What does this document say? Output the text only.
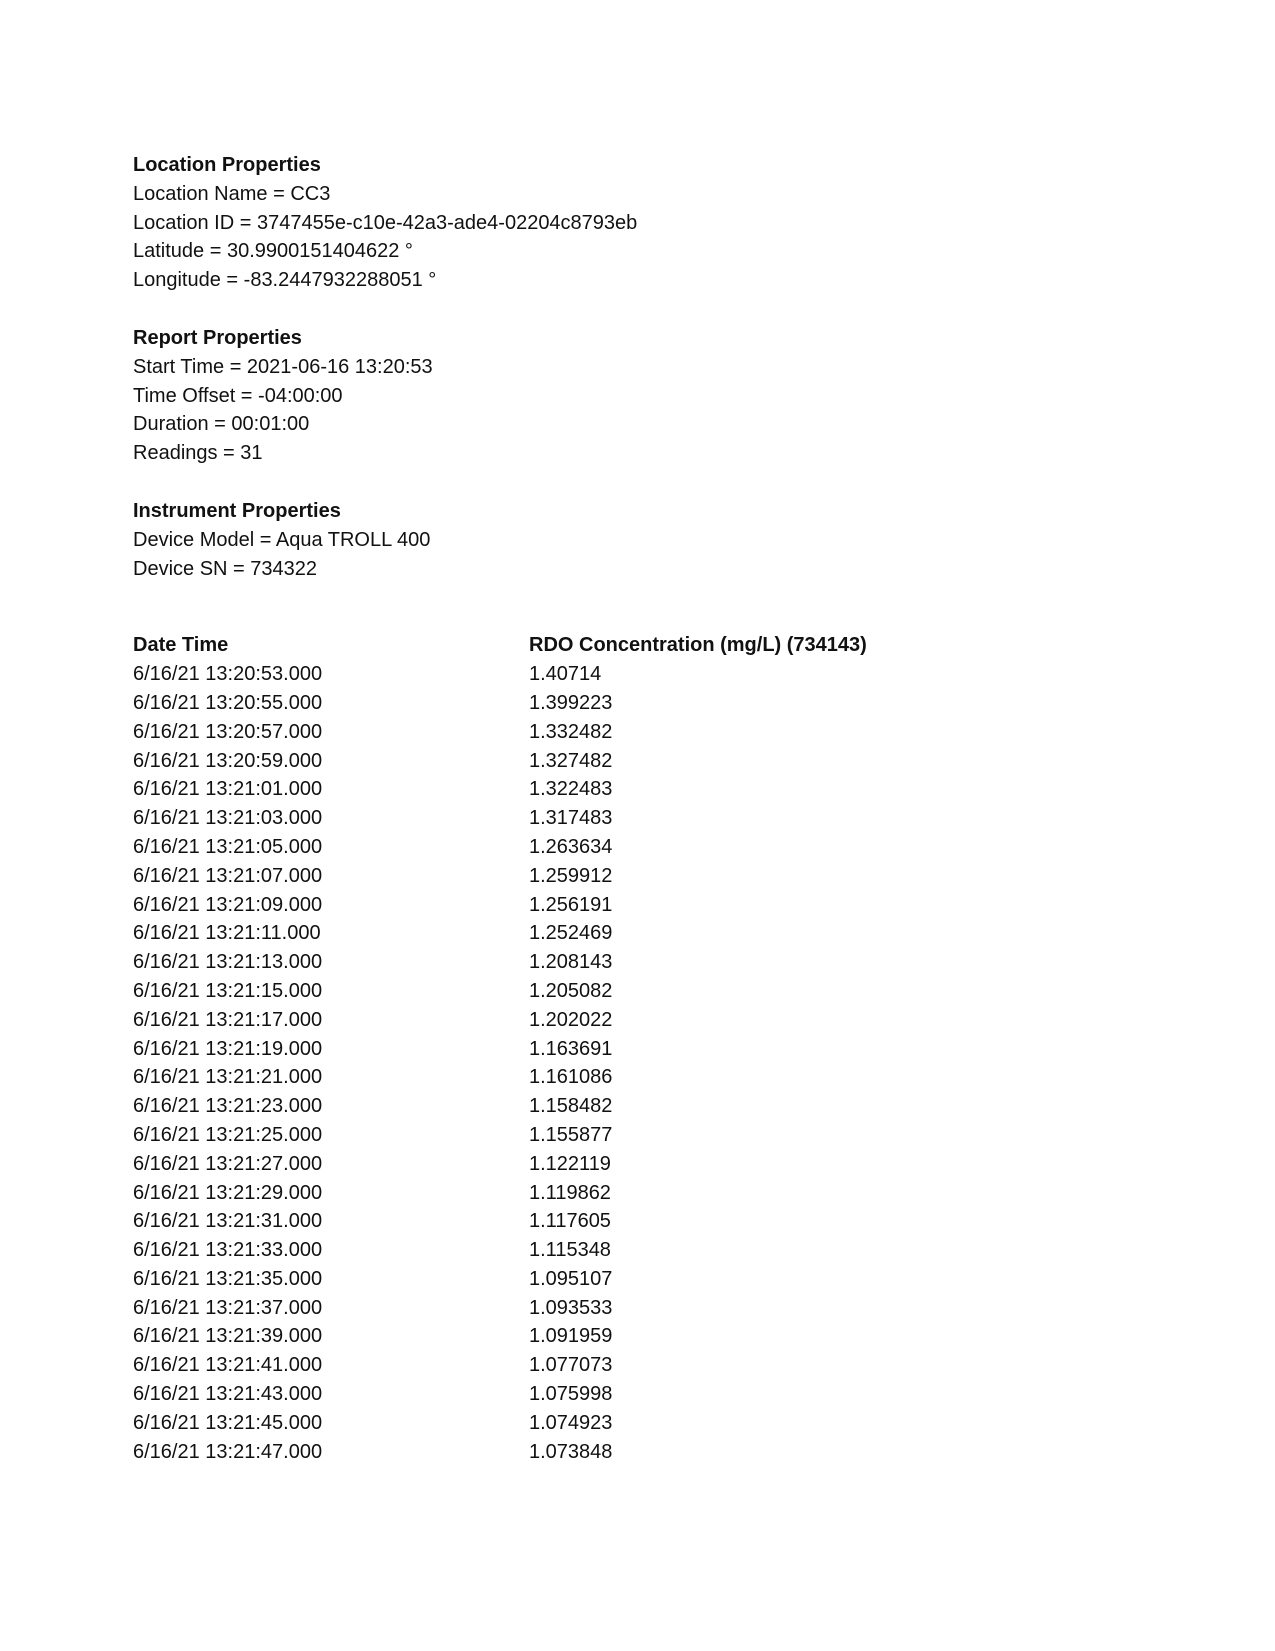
Location Properties
Location Name = CC3
Location ID = 3747455e-c10e-42a3-ade4-02204c8793eb
Latitude = 30.9900151404622 °
Longitude = -83.2447932288051 °
Report Properties
Start Time = 2021-06-16 13:20:53
Time Offset = -04:00:00
Duration = 00:01:00
Readings = 31
Instrument Properties
Device Model = Aqua TROLL 400
Device SN = 734322
Date Time	RDO Concentration (mg/L) (734143)
6/16/21 13:20:53.000	1.40714
6/16/21 13:20:55.000	1.399223
6/16/21 13:20:57.000	1.332482
6/16/21 13:20:59.000	1.327482
6/16/21 13:21:01.000	1.322483
6/16/21 13:21:03.000	1.317483
6/16/21 13:21:05.000	1.263634
6/16/21 13:21:07.000	1.259912
6/16/21 13:21:09.000	1.256191
6/16/21 13:21:11.000	1.252469
6/16/21 13:21:13.000	1.208143
6/16/21 13:21:15.000	1.205082
6/16/21 13:21:17.000	1.202022
6/16/21 13:21:19.000	1.163691
6/16/21 13:21:21.000	1.161086
6/16/21 13:21:23.000	1.158482
6/16/21 13:21:25.000	1.155877
6/16/21 13:21:27.000	1.122119
6/16/21 13:21:29.000	1.119862
6/16/21 13:21:31.000	1.117605
6/16/21 13:21:33.000	1.115348
6/16/21 13:21:35.000	1.095107
6/16/21 13:21:37.000	1.093533
6/16/21 13:21:39.000	1.091959
6/16/21 13:21:41.000	1.077073
6/16/21 13:21:43.000	1.075998
6/16/21 13:21:45.000	1.074923
6/16/21 13:21:47.000	1.073848
